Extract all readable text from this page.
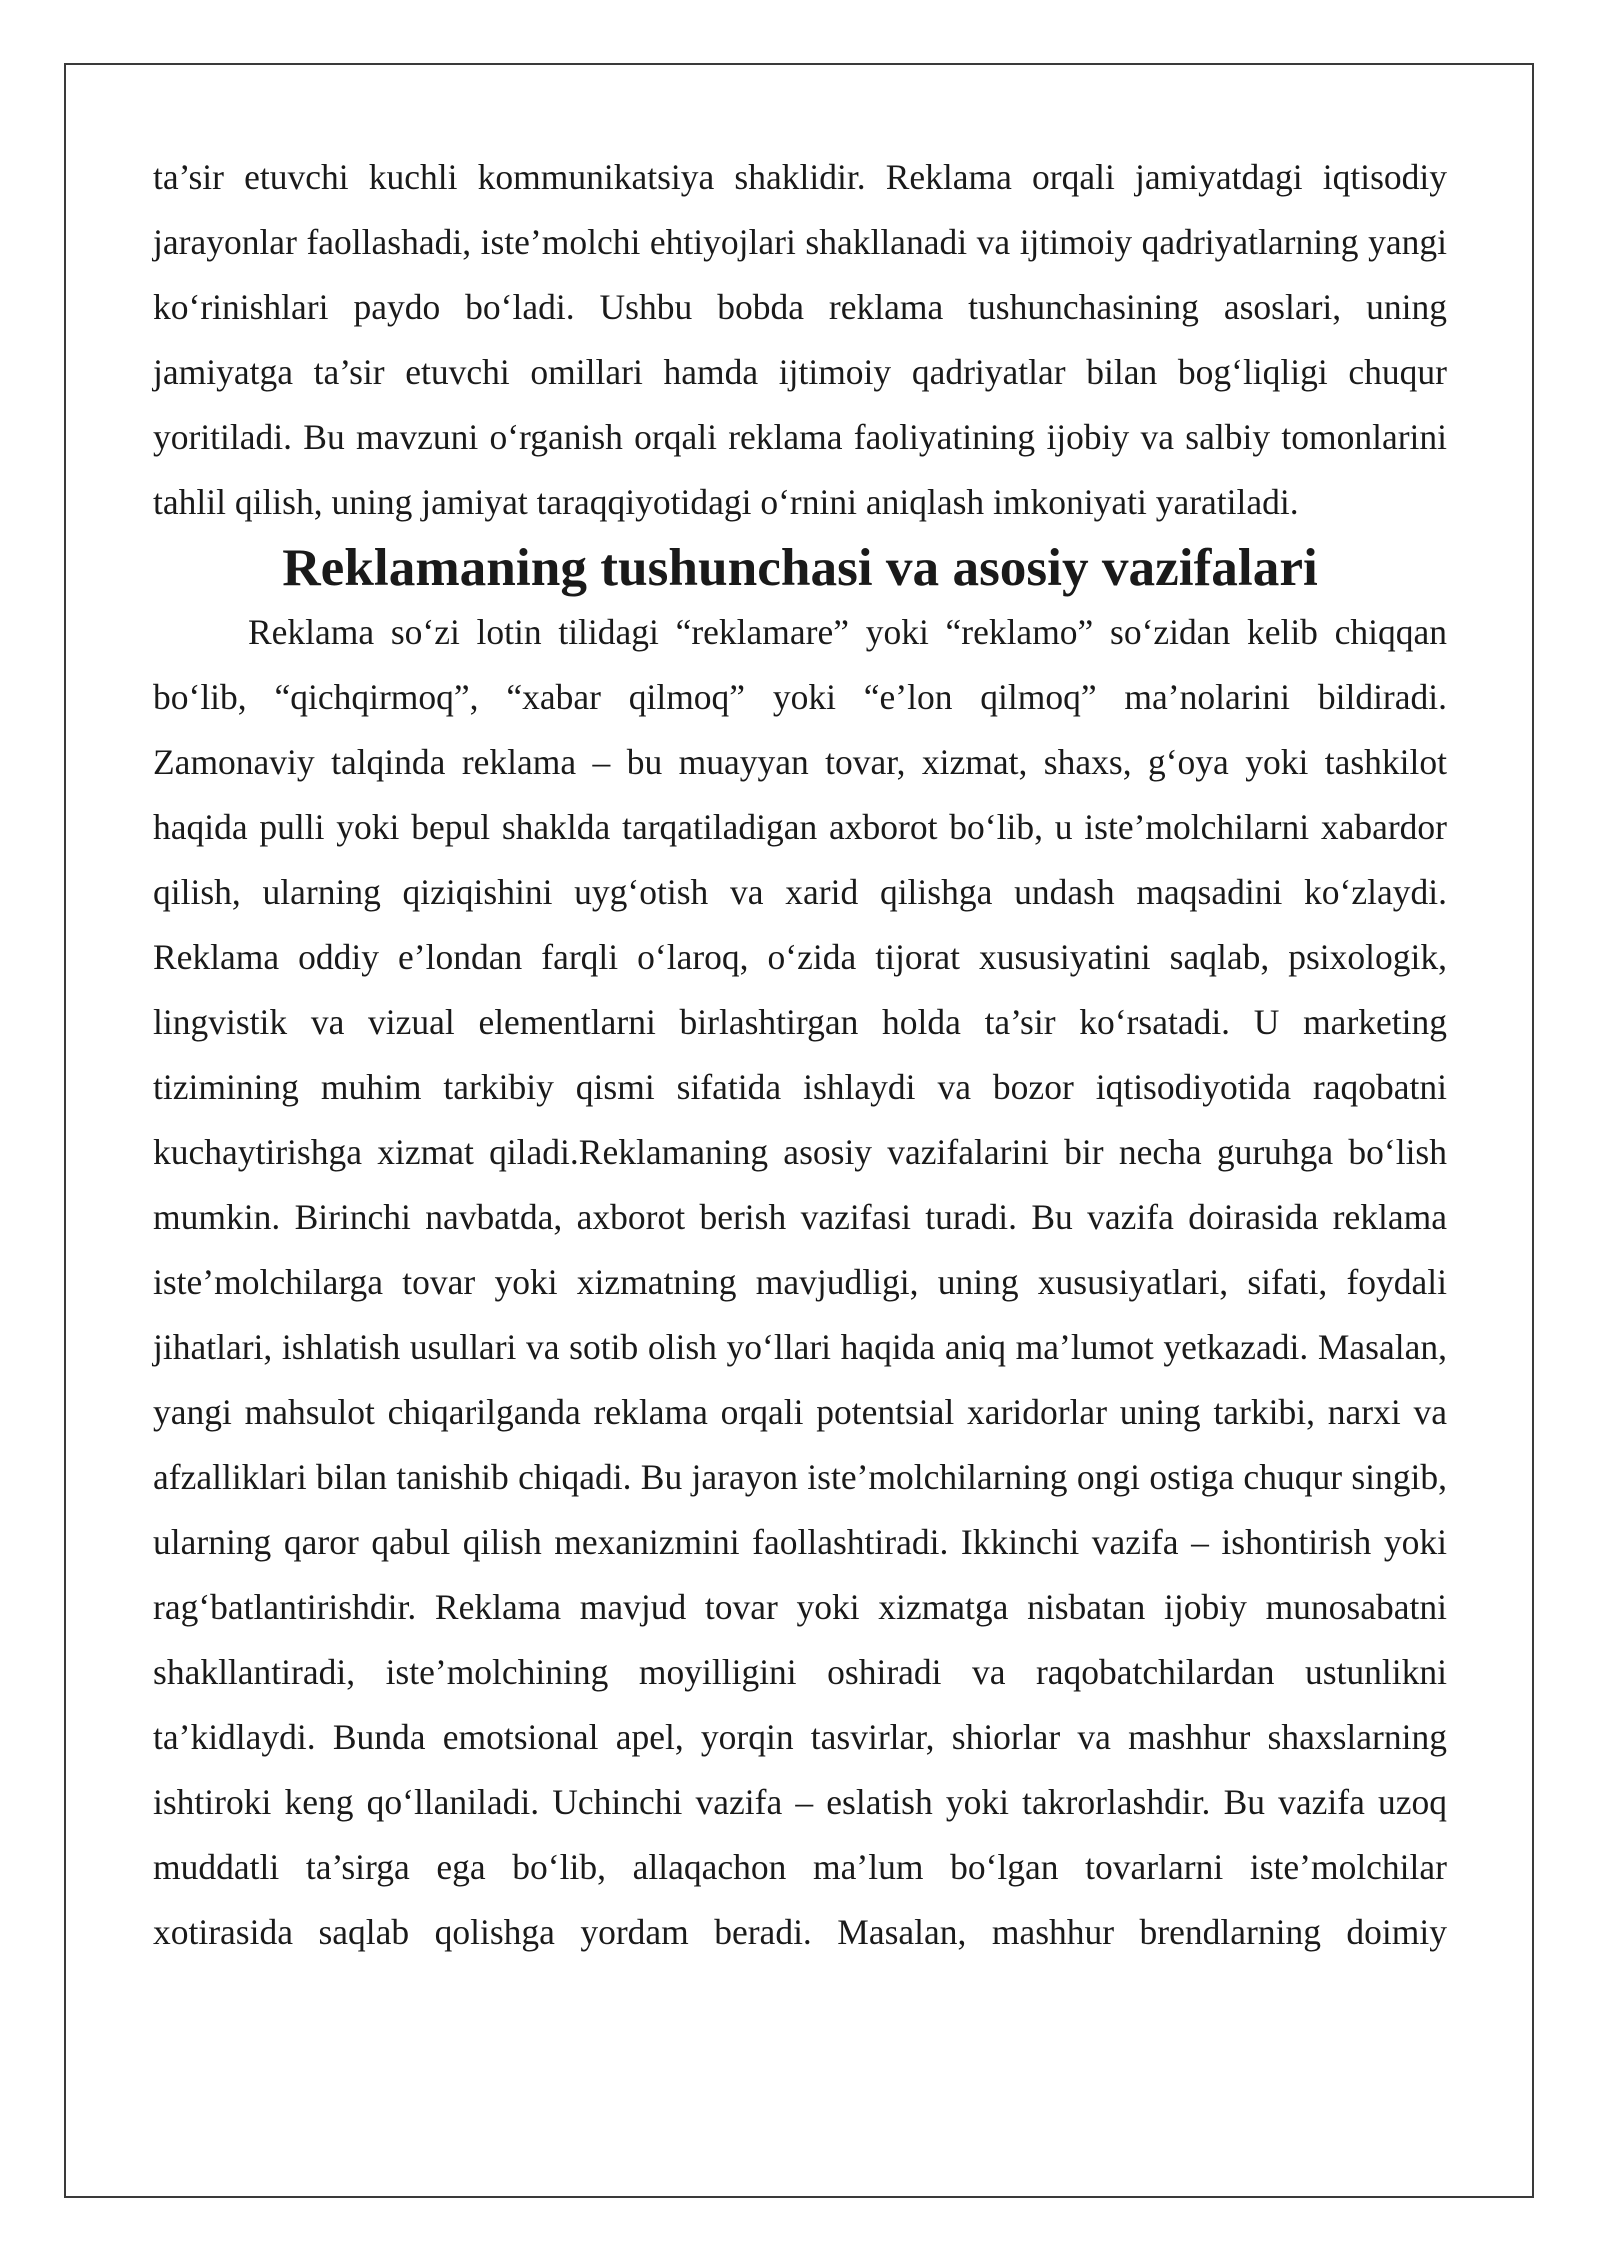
ta’sir etuvchi kuchli kommunikatsiya shaklidir. Reklama orqali jamiyatdagi iqtisodiy jarayonlar faollashadi, iste’molchi ehtiyojlari shakllanadi va ijtimoiy qadriyatlarning yangi ko‘rinishlari paydo bo‘ladi. Ushbu bobda reklama tushunchasining asoslari, uning jamiyatga ta’sir etuvchi omillari hamda ijtimoiy qadriyatlar bilan bog‘liqligi chuqur yoritiladi. Bu mavzuni o‘rganish orqali reklama faoliyatining ijobiy va salbiy tomonlarini tahlil qilish, uning jamiyat taraqqiyotidagi o‘rnini aniqlash imkoniyati yaratiladi.

Reklamaning tushunchasi va asosiy vazifalari

Reklama so‘zi lotin tilidagi “reklamare” yoki “reklamo” so‘zidan kelib chiqqan bo‘lib, “qichqirmoq”, “xabar qilmoq” yoki “e’lon qilmoq” ma’nolarini bildiradi. Zamonaviy talqinda reklama – bu muayyan tovar, xizmat, shaxs, g‘oya yoki tashkilot haqida pulli yoki bepul shaklda tarqatiladigan axborot bo‘lib, u iste’molchilarni xabardor qilish, ularning qiziqishini uyg‘otish va xarid qilishga undash maqsadini ko‘zlaydi. Reklama oddiy e’londan farqli o‘laroq, o‘zida tijorat xususiyatini saqlab, psixologik, lingvistik va vizual elementlarni birlashtirgan holda ta’sir ko‘rsatadi. U marketing tizimining muhim tarkibiy qismi sifatida ishlaydi va bozor iqtisodiyotida raqobatni kuchaytirishga xizmat qiladi.Reklamaning asosiy vazifalarini bir necha guruhga bo‘lish mumkin. Birinchi navbatda, axborot berish vazifasi turadi. Bu vazifa doirasida reklama iste’molchilarga tovar yoki xizmatning mavjudligi, uning xususiyatlari, sifati, foydali jihatlari, ishlatish usullari va sotib olish yo‘llari haqida aniq ma’lumot yetkazadi. Masalan, yangi mahsulot chiqarilganda reklama orqali potentsial xaridorlar uning tarkibi, narxi va afzalliklari bilan tanishib chiqadi. Bu jarayon iste’molchilarning ongi ostiga chuqur singib, ularning qaror qabul qilish mexanizmini faollashtiradi. Ikkinchi vazifa – ishontirish yoki rag‘batlantirishdir. Reklama mavjud tovar yoki xizmatga nisbatan ijobiy munosabatni shakllantiradi, iste’molchining moyilligini oshiradi va raqobatchilardan ustunlikni ta’kidlaydi. Bunda emotsional apel, yorqin tasvirlar, shiorlar va mashhur shaxslarning ishtiroki keng qo‘llaniladi. Uchinchi vazifa – eslatish yoki takrorlashdir. Bu vazifa uzoq muddatli ta’sirga ega bo‘lib, allaqachon ma’lum bo‘lgan tovarlarni iste’molchilar xotirasida saqlab qolishga yordam beradi. Masalan, mashhur brendlarning doimiy
